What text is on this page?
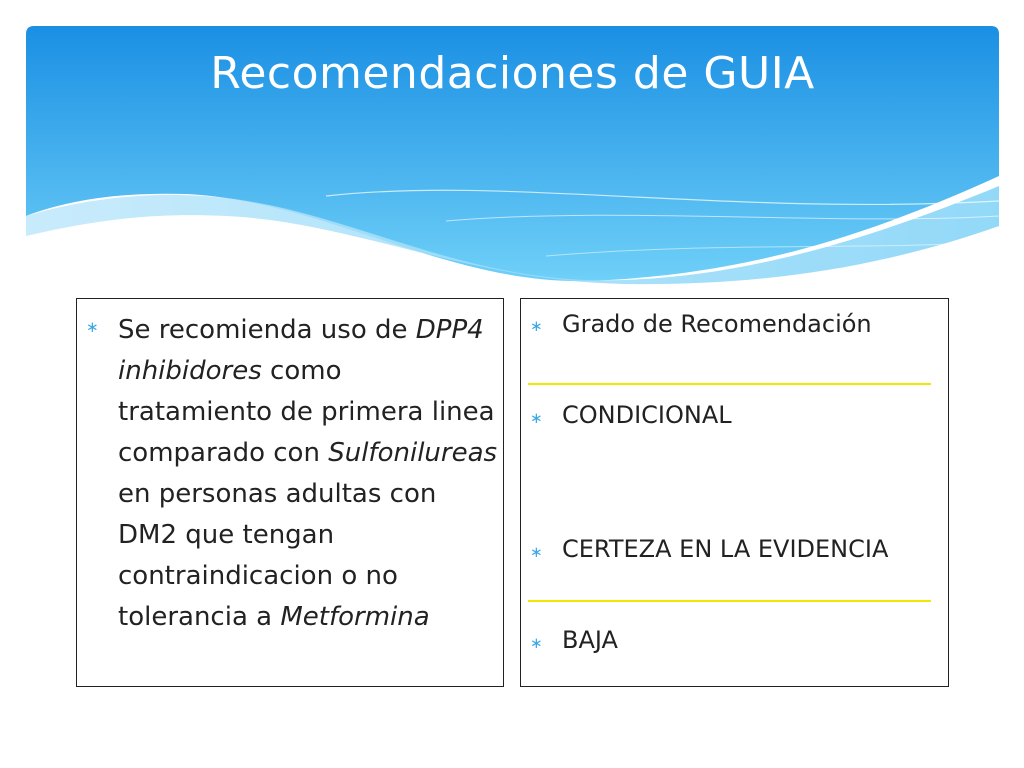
Recomendaciones de GUIA
∗ Se recomienda uso de DPP4 inhibidores como tratamiento de primera linea comparado con Sulfonilureas en personas adultas con DM2 que tengan contraindicacion o no tolerancia a Metformina
∗ Grado de Recomendación
∗ CONDICIONAL
∗ CERTEZA EN LA EVIDENCIA
∗ BAJA
